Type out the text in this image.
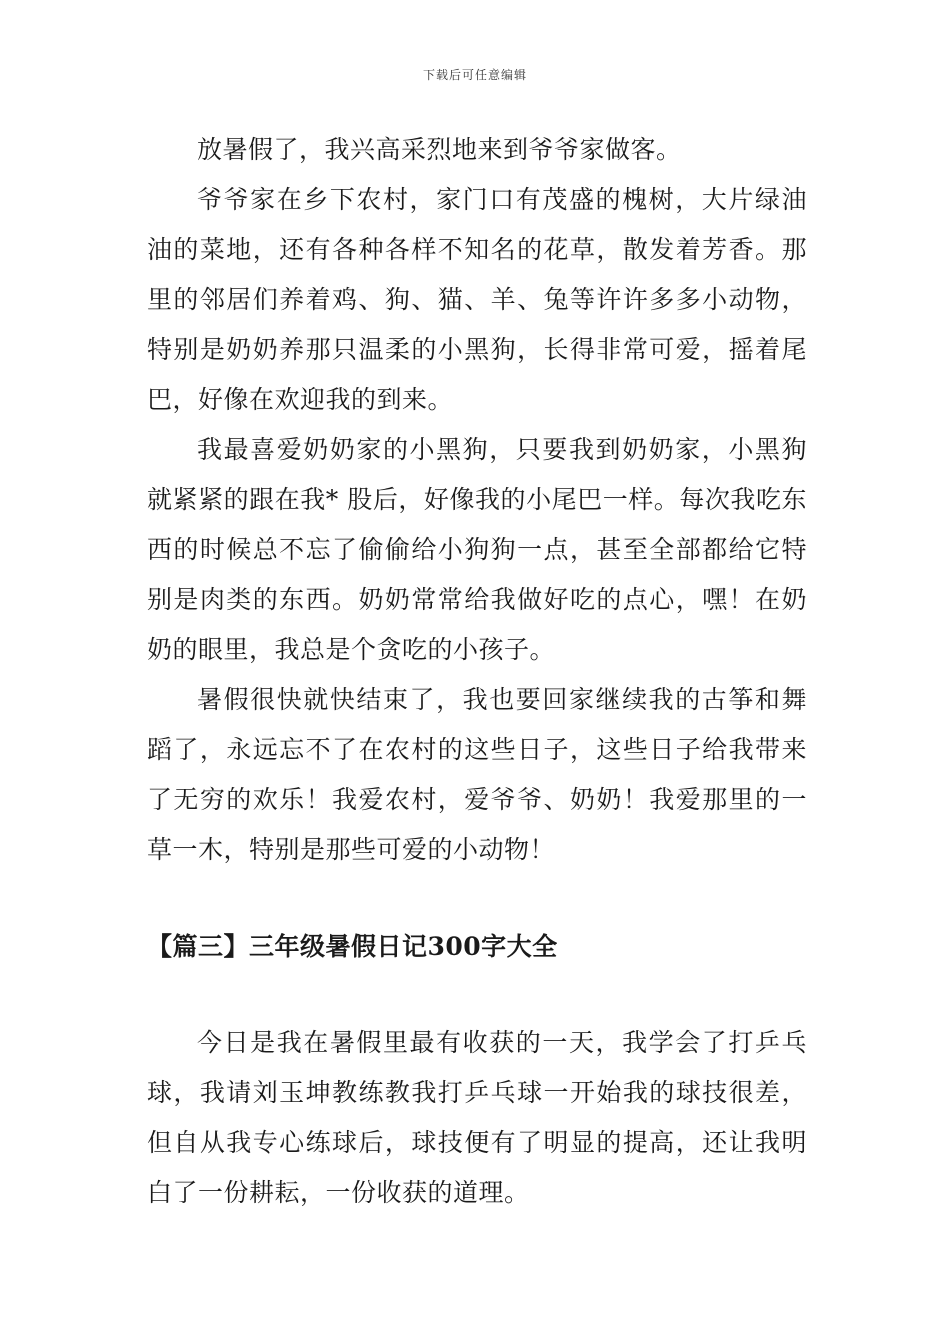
下载后可任意编辑

放暑假了，我兴高采烈地来到爷爷家做客。

爷爷家在乡下农村，家门口有茂盛的槐树，大片绿油油的菜地，还有各种各样不知名的花草，散发着芳香。那里的邻居们养着鸡、狗、猫、羊、兔等许许多多小动物，特别是奶奶养那只温柔的小黑狗，长得非常可爱，摇着尾巴，好像在欢迎我的到来。

我最喜爱奶奶家的小黑狗，只要我到奶奶家，小黑狗就紧紧的跟在我* 股后，好像我的小尾巴一样。每次我吃东西的时候总不忘了偷偷给小狗狗一点，甚至全部都给它特别是肉类的东西。奶奶常常给我做好吃的点心，嘿！在奶奶的眼里，我总是个贪吃的小孩子。

暑假很快就快结束了，我也要回家继续我的古筝和舞蹈了，永远忘不了在农村的这些日子，这些日子给我带来了无穷的欢乐！我爱农村，爱爷爷、奶奶！我爱那里的一草一木，特别是那些可爱的小动物！

【篇三】三年级暑假日记300字大全

今日是我在暑假里最有收获的一天，我学会了打乒乓球，我请刘玉坤教练教我打乒乓球一开始我的球技很差，但自从我专心练球后，球技便有了明显的提高，还让我明白了一份耕耘，一份收获的道理。
